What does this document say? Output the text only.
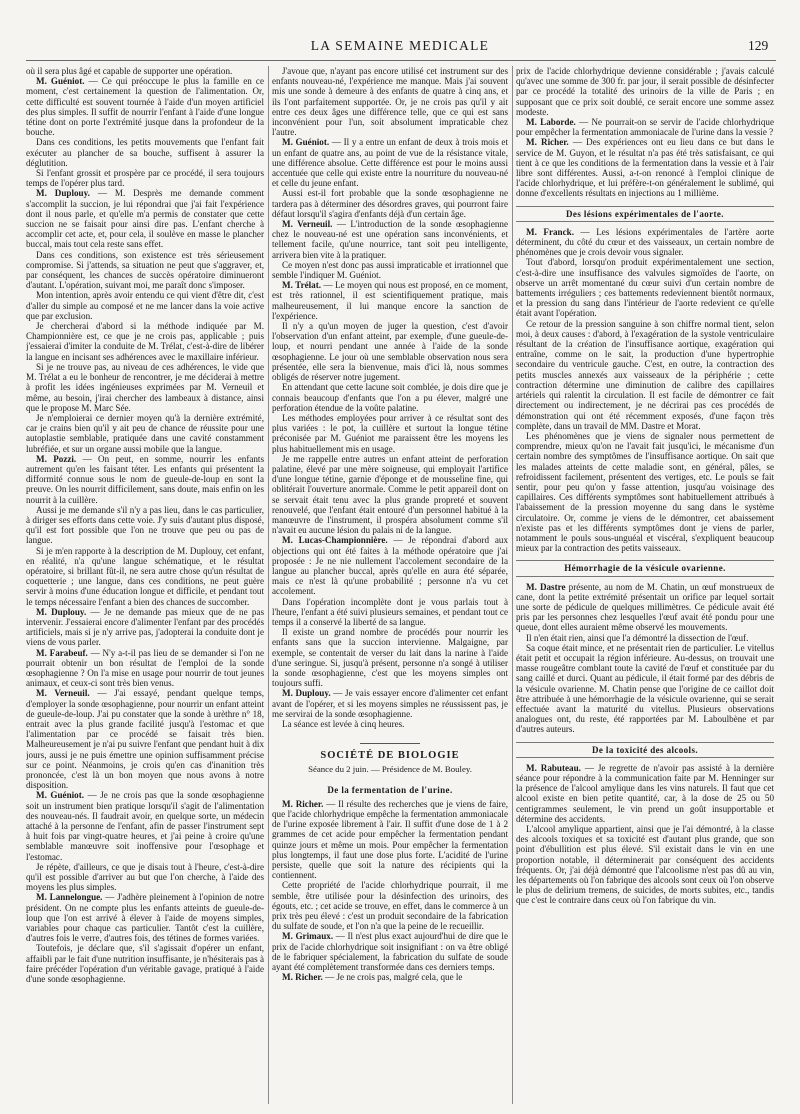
LA SEMAINE MEDICALE	129

où il sera plus âgé et capable de supporter une opération.

M. Guéniot. — Ce qui préoccupe le plus la famille en ce moment, c'est certainement la question de l'alimentation. Or, cette difficulté est souvent tournée à l'aide d'un moyen artificiel des plus simples. Il suffit de nourrir l'enfant à l'aide d'une longue tétine dont on porte l'extrémité jusque dans la profondeur de la bouche.

Dans ces conditions, les petits mouvements que l'enfant fait exécuter au plancher de sa bouche, suffisent à assurer la déglutition.

Si l'enfant grossit et prospère par ce procédé, il sera toujours temps de l'opérer plus tard.

M. Duplouy. — M. Desprès me demande comment s'accomplit la succion, je lui répondrai que j'ai fait l'expérience dont il nous parle, et qu'elle m'a permis de constater que cette succion ne se faisait pour ainsi dire pas. L'enfant cherche à accomplir cet acte, et, pour cela, il soulève en masse le plancher buccal, mais tout cela reste sans effet.

Dans ces conditions, son existence est très sérieusement compromise. Si j'attends, sa situation ne peut que s'aggraver, et, par conséquent, les chances de succès opératoire diminueront d'autant. L'opération, suivant moi, me paraît donc s'imposer.

Mon intention, après avoir entendu ce qui vient d'être dit, c'est d'aller du simple au composé et ne me lancer dans la voie active que par exclusion.

Je chercherai d'abord si la méthode indiquée par M. Championnière est, ce que je ne crois pas, applicable ; puis j'essaierai d'imiter la conduite de M. Trélat, c'est-à-dire de libérer la langue en incisant ses adhérences avec le maxillaire inférieur.

Si je ne trouve pas, au niveau de ces adhérences, le vide que M. Trélat a eu le bonheur de rencontrer, je me déciderai à mettre à profit les idées ingénieuses exprimées par M. Verneuil et même, au besoin, j'irai chercher des lambeaux à distance, ainsi que le propose M. Marc Sée.

Je n'emploierai ce dernier moyen qu'à la dernière extrémité, car je crains bien qu'il y ait peu de chance de réussite pour une autoplastie semblable, pratiquée dans une cavité constamment lubréfiée, et sur un organe aussi mobile que la langue.

M. Pozzi. — On peut, en somme, nourrir les enfants autrement qu'en les faisant téter. Les enfants qui présentent la difformité connue sous le nom de gueule-de-loup en sont la preuve. On les nourrit difficilement, sans doute, mais enfin on les nourrit à la cuillère.

Aussi je me demande s'il n'y a pas lieu, dans le cas particulier, à diriger ses efforts dans cette voie. J'y suis d'autant plus disposé, qu'il est fort possible que l'on ne trouve que peu ou pas de langue.

Si je m'en rapporte à la description de M. Duplouy, cet enfant, en réalité, n'a qu'une langue schématique, et le résultat opératoire, si brillant fût-il, ne sera autre chose qu'un résultat de coquetterie ; une langue, dans ces conditions, ne peut guère servir à moins d'une éducation longue et difficile, et pendant tout le temps nécessaire l'enfant a bien des chances de succomber.

M. Duplouy. — Je ne demande pas mieux que de ne pas intervenir. J'essaierai encore d'alimenter l'enfant par des procédés artificiels, mais si je n'y arrive pas, j'adopterai la conduite dont je viens de vous parler.

M. Farabeuf. — N'y a-t-il pas lieu de se demander si l'on ne pourrait obtenir un bon résultat de l'emploi de la sonde œsophagienne ? On l'a mise en usage pour nourrir de tout jeunes animaux, et ceux-ci sont très bien venus.

M. Verneuil. — J'ai essayé, pendant quelque temps, d'employer la sonde œsophagienne, pour nourrir un enfant atteint de gueule-de-loup. J'ai pu constater que la sonde à urèthre n° 18, entrait avec la plus grande facilité jusqu'à l'estomac et que l'alimentation par ce procédé se faisait très bien. Malheureusement je n'ai pu suivre l'enfant que pendant huit à dix jours, aussi je ne puis émettre une opinion suffisamment précise sur ce point. Néanmoins, je crois qu'en cas d'inanition très prononcée, c'est là un bon moyen que nous avons à notre disposition.

M. Guéniot. — Je ne crois pas que la sonde œsophagienne soit un instrument bien pratique lorsqu'il s'agit de l'alimentation des nouveau-nés. Il faudrait avoir, en quelque sorte, un médecin attaché à la personne de l'enfant, afin de passer l'instrument sept à huit fois par vingt-quatre heures, et j'ai peine à croire qu'une semblable manœuvre soit inoffensive pour l'œsophage et l'estomac.

Je répète, d'ailleurs, ce que je disais tout à l'heure, c'est-à-dire qu'il est possible d'arriver au but que l'on cherche, à l'aide des moyens les plus simples.

M. Lannelongue. — J'adhère pleinement à l'opinion de notre président. On ne compte plus les enfants atteints de gueule-de-loup que l'on est arrivé à élever à l'aide de moyens simples, variables pour chaque cas particulier. Tantôt c'est la cuillère, d'autres fois le verre, d'autres fois, des tétines de formes variées.

Toutefois, je déclare que, s'il s'agissait d'opérer un enfant, affaibli par le fait d'une nutrition insuffisante, je n'hésiterais pas à faire précéder l'opération d'un véritable gavage, pratiqué à l'aide d'une sonde œsophagienne.

J'avoue que, n'ayant pas encore utilisé cet instrument sur des enfants nouveau-né, l'expérience me manque. Mais j'ai souvent mis une sonde à demeure à des enfants de quatre à cinq ans, et ils l'ont parfaitement supportée. Or, je ne crois pas qu'il y ait entre ces deux âges une différence telle, que ce qui est sans inconvénient pour l'un, soit absolument impraticable chez l'autre.

M. Guéniot. — Il y a entre un enfant de deux à trois mois et un enfant de quatre ans, au point de vue de la résistance vitale, une différence absolue. Cette différence est pour le moins aussi accentuée que celle qui existe entre la nourriture du nouveau-né et celle du jeune enfant.

Aussi est-il fort probable que la sonde œsophagienne ne tardera pas à déterminer des désordres graves, qui pourront faire défaut lorsqu'il s'agira d'enfants déjà d'un certain âge.

M. Verneuil. — L'introduction de la sonde œsophagienne chez le nouveau-né est une opération sans inconvénients, et tellement facile, qu'une nourrice, tant soit peu intelligente, arrivera bien vite à la pratiquer.

Ce moyen n'est donc pas aussi impraticable et irrationnel que semble l'indiquer M. Guéniot.

M. Trélat. — Le moyen qui nous est proposé, en ce moment, est très rationnel, il est scientifiquement pratique, mais malheureusement, il lui manque encore la sanction de l'expérience.

Il n'y a qu'un moyen de juger la question, c'est d'avoir l'observation d'un enfant atteint, par exemple, d'une gueule-de-loup, et nourri pendant une année à l'aide de la sonde œsophagienne. Le jour où une semblable observation nous sera présentée, elle sera la bienvenue, mais d'ici là, nous sommes obligés de réserver notre jugement.

En attendant que cette lacune soit comblée, je dois dire que je connais beaucoup d'enfants que l'on a pu élever, malgré une perforation étendue de la voûte palatine.

Les méthodes employées pour arriver à ce résultat sont des plus variées : le pot, la cuillère et surtout la longue tétine préconisée par M. Guéniot me paraissent être les moyens les plus habituellement mis en usage.

Je me rappelle entre autres un enfant atteint de perforation palatine, élevé par une mère soigneuse, qui employait l'artifice d'une longue tétine, garnie d'éponge et de mousseline fine, qui oblitérait l'ouverture anormale. Comme le petit appareil dont on se servait était tenu avec la plus grande propreté et souvent renouvelé, que l'enfant était entouré d'un personnel habitué à la manœuvre de l'instrument, il prospéra absolument comme s'il n'avait eu aucune lésion du palais ni de la langue.

M. Lucas-Championnière. — Je répondrai d'abord aux objections qui ont été faites à la méthode opératoire que j'ai proposée : Je ne nie nullement l'accolement secondaire de la langue au plancher buccal, après qu'elle en aura été séparée, mais ce n'est là qu'une probabilité ; personne n'a vu cet accolement.

Dans l'opération incomplète dont je vous parlais tout à l'heure, l'enfant a été suivi plusieurs semaines, et pendant tout ce temps il a conservé la liberté de sa langue.

Il existe un grand nombre de procédés pour nourrir les enfants sans que la succion intervienne. Malgaigne, par exemple, se contentait de verser du lait dans la narine à l'aide d'une seringue. Si, jusqu'à présent, personne n'a songé à utiliser la sonde œsophagienne, c'est que les moyens simples ont toujours suffi.

M. Duplouy. — Je vais essayer encore d'alimenter cet enfant avant de l'opérer, et si les moyens simples ne réussissent pas, je me servirai de la sonde œsophagienne.

La séance est levée à cinq heures.

SOCIÉTÉ DE BIOLOGIE
Séance du 2 juin. — Présidence de M. Bouley.
De la fermentation de l'urine.

M. Richer. — Il résulte des recherches que je viens de faire, que l'acide chlorhydrique empêche la fermentation ammoniacale de l'urine exposée librement à l'air. Il suffit d'une dose de 1 à 2 grammes de cet acide pour empêcher la fermentation pendant quinze jours et même un mois. Pour empêcher la fermentation plus longtemps, il faut une dose plus forte. L'acidité de l'urine persiste, quelle que soit la nature des récipients qui la contiennent.

Cette propriété de l'acide chlorhydrique pourrait, il me semble, être utilisée pour la désinfection des urinoirs, des égouts, etc. ; cet acide se trouve, en effet, dans le commerce à un prix très peu élevé : c'est un produit secondaire de la fabrication du sulfate de soude, et l'on n'a que la peine de le recueillir.

M. Grimaux. — Il n'est plus exact aujourd'hui de dire que le prix de l'acide chlorhydrique soit insignifiant : on va être obligé de le fabriquer spécialement, la fabrication du sulfate de soude ayant été complètement transformée dans ces derniers temps.

M. Richer. — Je ne crois pas, malgré cela, que le

prix de l'acide chlorhydrique devienne considérable ; j'avais calculé qu'avec une somme de 300 fr. par jour, il serait possible de désinfecter par ce procédé la totalité des urinoirs de la ville de Paris ; en supposant que ce prix soit doublé, ce serait encore une somme assez modeste.

M. Laborde. — Ne pourrait-on se servir de l'acide chlorhydrique pour empêcher la fermentation ammoniacale de l'urine dans la vessie ?

M. Richer. — Des expériences ont eu lieu dans ce but dans le service de M. Guyon, et le résultat n'a pas été très satisfaisant, ce qui tient à ce que les conditions de la fermentation dans la vessie et à l'air libre sont différentes. Aussi, a-t-on renoncé à l'emploi clinique de l'acide chlorhydrique, et lui préfère-t-on généralement le sublimé, qui donne d'excellents résultats en injections au 1 millième.

Des lésions expérimentales de l'aorte.

M. Franck. — Les lésions expérimentales de l'artère aorte déterminent, du côté du cœur et des vaisseaux, un certain nombre de phénomènes que je crois devoir vous signaler.

Tout d'abord, lorsqu'on produit expérimentalement une section, c'est-à-dire une insuffisance des valvules sigmoïdes de l'aorte, on observe un arrêt momentané du cœur suivi d'un certain nombre de battements irréguliers ; ces battements redeviennent bientôt normaux, et la pression du sang dans l'intérieur de l'aorte redevient ce qu'elle était avant l'opération.

Ce retour de la pression sanguine à son chiffre normal tient, selon moi, à deux causes : d'abord, à l'exagération de la systole ventriculaire résultant de la création de l'insuffisance aortique, exagération qui entraîne, comme on le sait, la production d'une hypertrophie secondaire du ventricule gauche. C'est, en outre, la contraction des petits muscles annexés aux vaisseaux de la périphérie ; cette contraction détermine une diminution de calibre des capillaires artériels qui ralentit la circulation. Il est facile de démontrer ce fait directement ou indirectement, je ne décrirai pas ces procédés de démonstration qui ont été récemment exposés, d'une façon très complète, dans un travail de MM. Dastre et Morat.

Les phénomènes que je viens de signaler nous permettent de comprendre, mieux qu'on ne l'avait fait jusqu'ici, le mécanisme d'un certain nombre des symptômes de l'insuffisance aortique. On sait que les malades atteints de cette maladie sont, en général, pâles, se refroidissent facilement, présentent des vertiges, etc. Le pouls se fait sentir, pour peu qu'on y fasse attention, jusqu'au voisinage des capillaires. Ces différents symptômes sont habituellement attribués à l'abaissement de la pression moyenne du sang dans le système circulatoire. Or, comme je viens de le démontrer, cet abaissement n'existe pas et les différents symptômes dont je viens de parler, notamment le pouls sous-unguéal et viscéral, s'expliquent beaucoup mieux par la contraction des petits vaisseaux.

Hémorrhagie de la vésicule ovarienne.

M. Dastre présente, au nom de M. Chatin, un œuf monstrueux de cane, dont la petite extrémité présentait un orifice par lequel sortait une sorte de pédicule de quelques millimètres. Ce pédicule avait été pris par les personnes chez lesquelles l'œuf avait été pondu pour une queue, dont elles auraient même observé les mouvements.

Il n'en était rien, ainsi que l'a démontré la dissection de l'œuf.

Sa coque était mince, et ne présentait rien de particulier. Le vitellus était petit et occupait la région inférieure. Au-dessus, on trouvait une masse rougeâtre comblant toute la cavité de l'œuf et constituée par du sang caillé et durci. Quant au pédicule, il était formé par des débris de la vésicule ovarienne. M. Chatin pense que l'origine de ce caillot doit être attribuée à une hémorrhagie de la vésicule ovarienne, qui se serait effectuée avant la maturité du vitellus. Plusieurs observations analogues ont, du reste, été rapportées par M. Laboulbène et par d'autres auteurs.

De la toxicité des alcools.

M. Rabuteau. — Je regrette de n'avoir pas assisté à la dernière séance pour répondre à la communication faite par M. Henninger sur la présence de l'alcool amylique dans les vins naturels. Il faut que cet alcool existe en bien petite quantité, car, à la dose de 25 ou 50 centigrammes seulement, le vin prend un goût insupportable et détermine des accidents.

L'alcool amylique appartient, ainsi que je l'ai démontré, à la classe des alcools toxiques et sa toxicité est d'autant plus grande, que son point d'ébullition est plus élevé. S'il existait dans le vin en une proportion notable, il déterminerait par conséquent des accidents fréquents. Or, j'ai déjà démontré que l'alcoolisme n'est pas dû au vin, les départements où l'on fabrique des alcools sont ceux où l'on observe le plus de delirium tremens, de suicides, de morts subites, etc., tandis que c'est le contraire dans ceux où l'on fabrique du vin.
